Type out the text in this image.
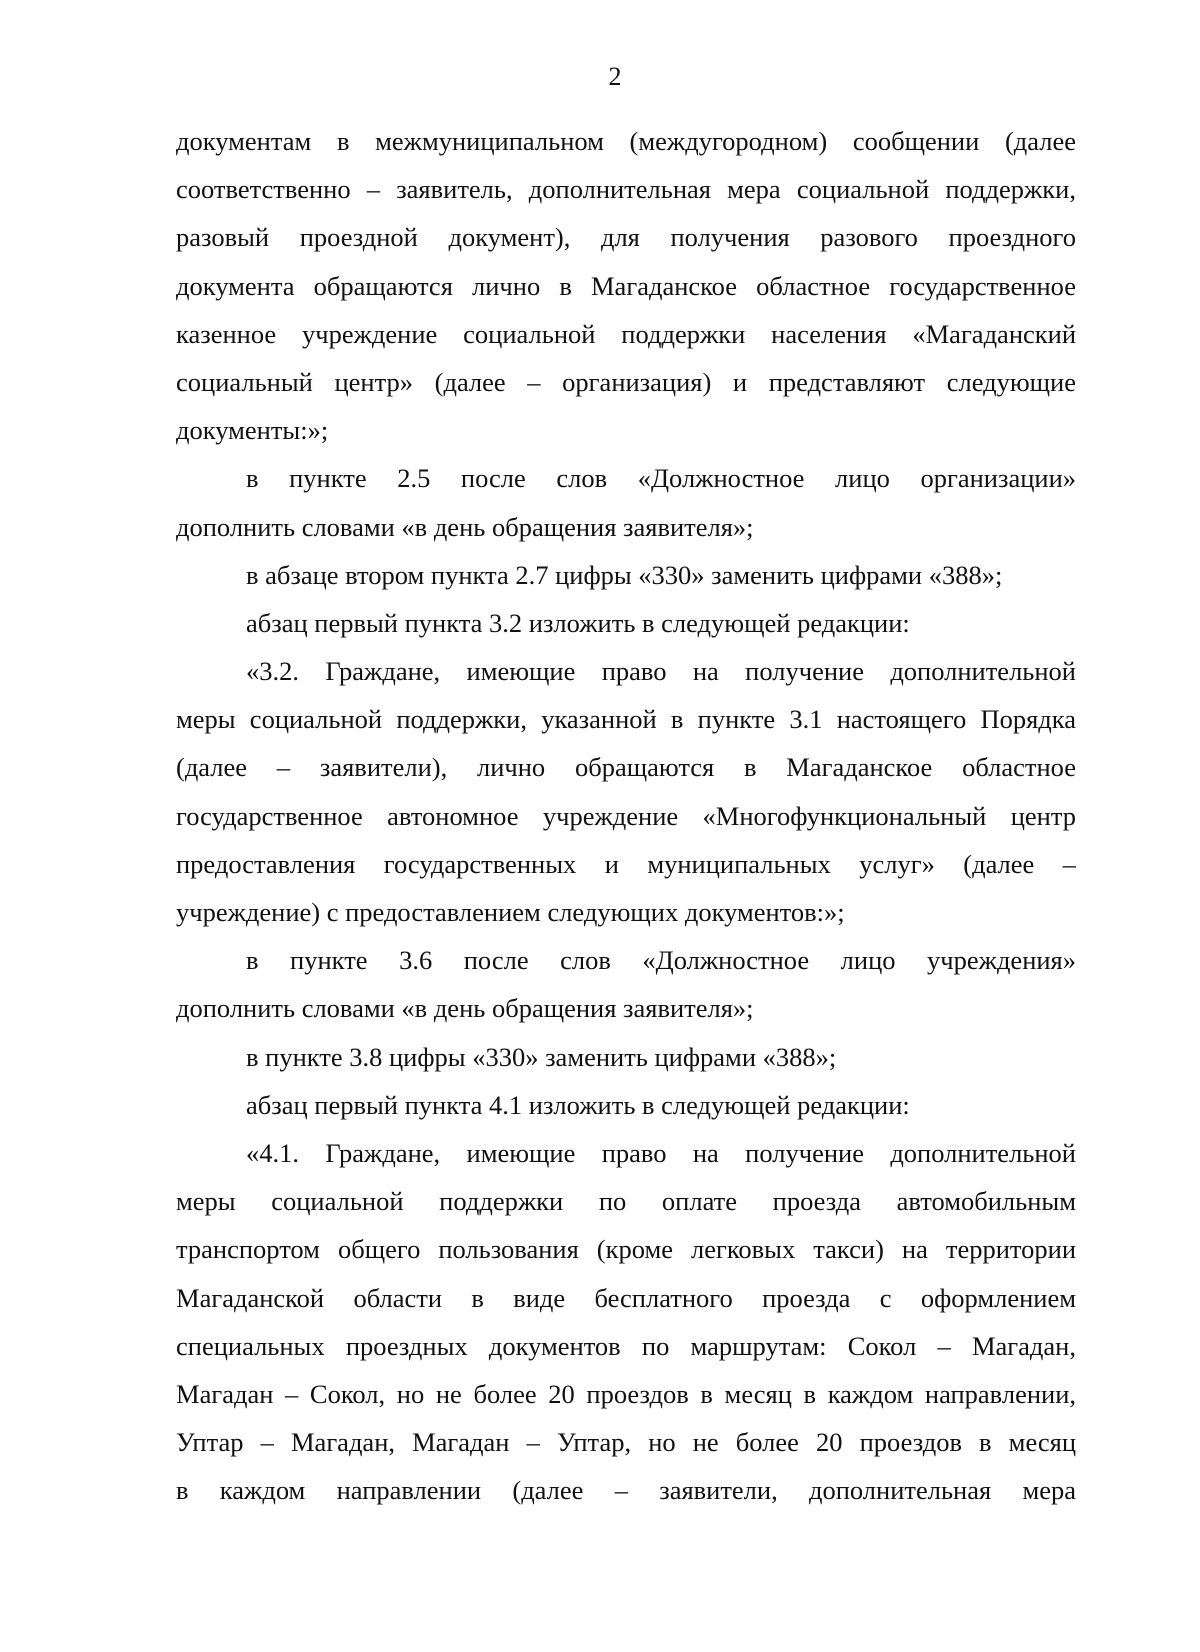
2
документам в межмуниципальном (междугородном) сообщении (далее
соответственно – заявитель, дополнительная мера социальной поддержки,
разовый проездной документ), для получения разового проездного
документа обращаются лично в Магаданское областное государственное
казенное учреждение социальной поддержки населения «Магаданский
социальный центр» (далее – организация) и представляют следующие
документы:»;
в пункте 2.5 после слов «Должностное лицо организации»
дополнить словами «в день обращения заявителя»;
в абзаце втором пункта 2.7 цифры «330» заменить цифрами «388»;
абзац первый пункта 3.2 изложить в следующей редакции:
«3.2. Граждане, имеющие право на получение дополнительной
меры социальной поддержки, указанной в пункте 3.1 настоящего Порядка
(далее – заявители), лично обращаются в Магаданское областное
государственное автономное учреждение «Многофункциональный центр
предоставления государственных и муниципальных услуг» (далее –
учреждение) с предоставлением следующих документов:»;
в пункте 3.6 после слов «Должностное лицо учреждения»
дополнить словами «в день обращения заявителя»;
в пункте 3.8 цифры «330» заменить цифрами «388»;
абзац первый пункта 4.1 изложить в следующей редакции:
«4.1. Граждане, имеющие право на получение дополнительной
меры социальной поддержки по оплате проезда автомобильным
транспортом общего пользования (кроме легковых такси) на территории
Магаданской области в виде бесплатного проезда с оформлением
специальных проездных документов по маршрутам: Сокол – Магадан,
Магадан – Сокол, но не более 20 проездов в месяц в каждом направлении,
Уптар – Магадан, Магадан – Уптар, но не более 20 проездов в месяц
в каждом направлении (далее – заявители, дополнительная мера
